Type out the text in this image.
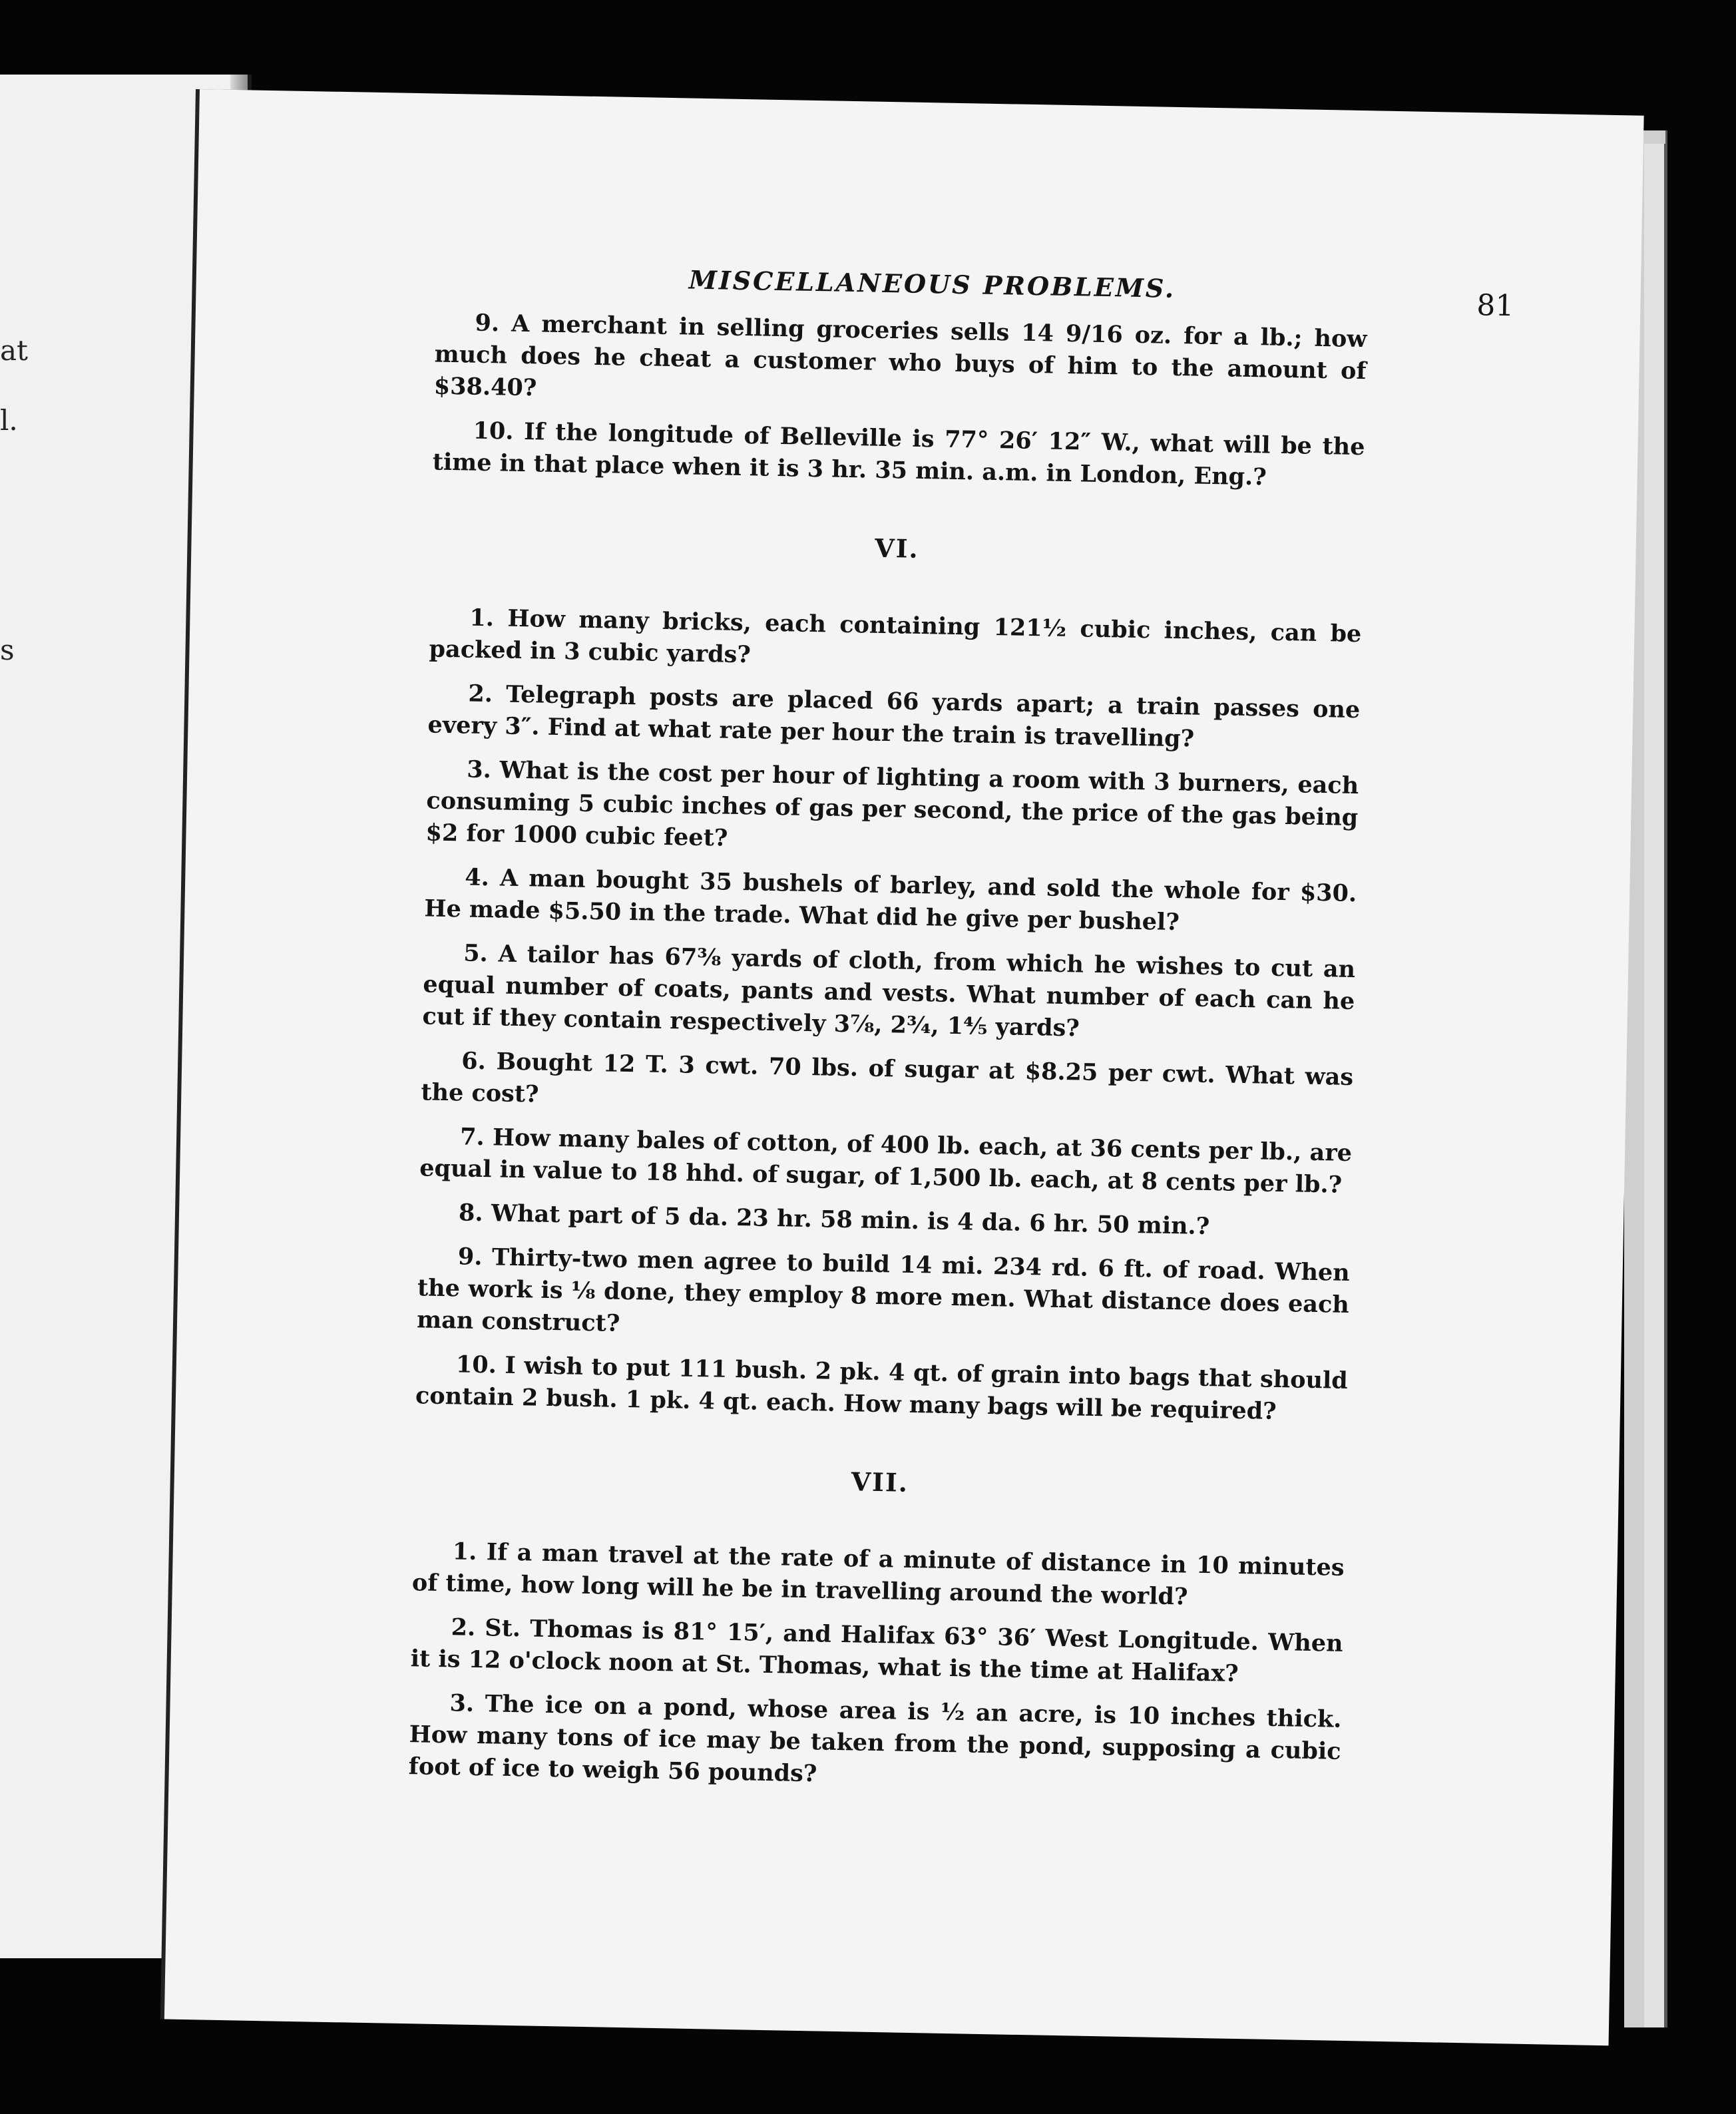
at
l.
s
MISCELLANEOUS PROBLEMS.
81

9. A merchant in selling groceries sells 14 9/16 oz. for a lb.; how much does he cheat a customer who buys of him to the amount of $38.40?

10. If the longitude of Belleville is 77° 26′ 12″ W., what will be the time in that place when it is 3 hr. 35 min. a.m. in London, Eng.?

VI.

1. How many bricks, each containing 121½ cubic inches, can be packed in 3 cubic yards?

2. Telegraph posts are placed 66 yards apart; a train passes one every 3″. Find at what rate per hour the train is travelling?

3. What is the cost per hour of lighting a room with 3 burners, each consuming 5 cubic inches of gas per second, the price of the gas being $2 for 1000 cubic feet?

4. A man bought 35 bushels of barley, and sold the whole for $30. He made $5.50 in the trade. What did he give per bushel?

5. A tailor has 67⅜ yards of cloth, from which he wishes to cut an equal number of coats, pants and vests. What number of each can he cut if they contain respectively 3⅞, 2¾, 1⅘ yards?

6. Bought 12 T. 3 cwt. 70 lbs. of sugar at $8.25 per cwt. What was the cost?

7. How many bales of cotton, of 400 lb. each, at 36 cents per lb., are equal in value to 18 hhd. of sugar, of 1,500 lb. each, at 8 cents per lb.?

8. What part of 5 da. 23 hr. 58 min. is 4 da. 6 hr. 50 min.?

9. Thirty-two men agree to build 14 mi. 234 rd. 6 ft. of road. When the work is ⅛ done, they employ 8 more men. What distance does each man construct?

10. I wish to put 111 bush. 2 pk. 4 qt. of grain into bags that should contain 2 bush. 1 pk. 4 qt. each. How many bags will be required?

VII.

1. If a man travel at the rate of a minute of distance in 10 minutes of time, how long will he be in travelling around the world?

2. St. Thomas is 81° 15′, and Halifax 63° 36′ West Longitude. When it is 12 o'clock noon at St. Thomas, what is the time at Halifax?

3. The ice on a pond, whose area is ½ an acre, is 10 inches thick. How many tons of ice may be taken from the pond, supposing a cubic foot of ice to weigh 56 pounds?
